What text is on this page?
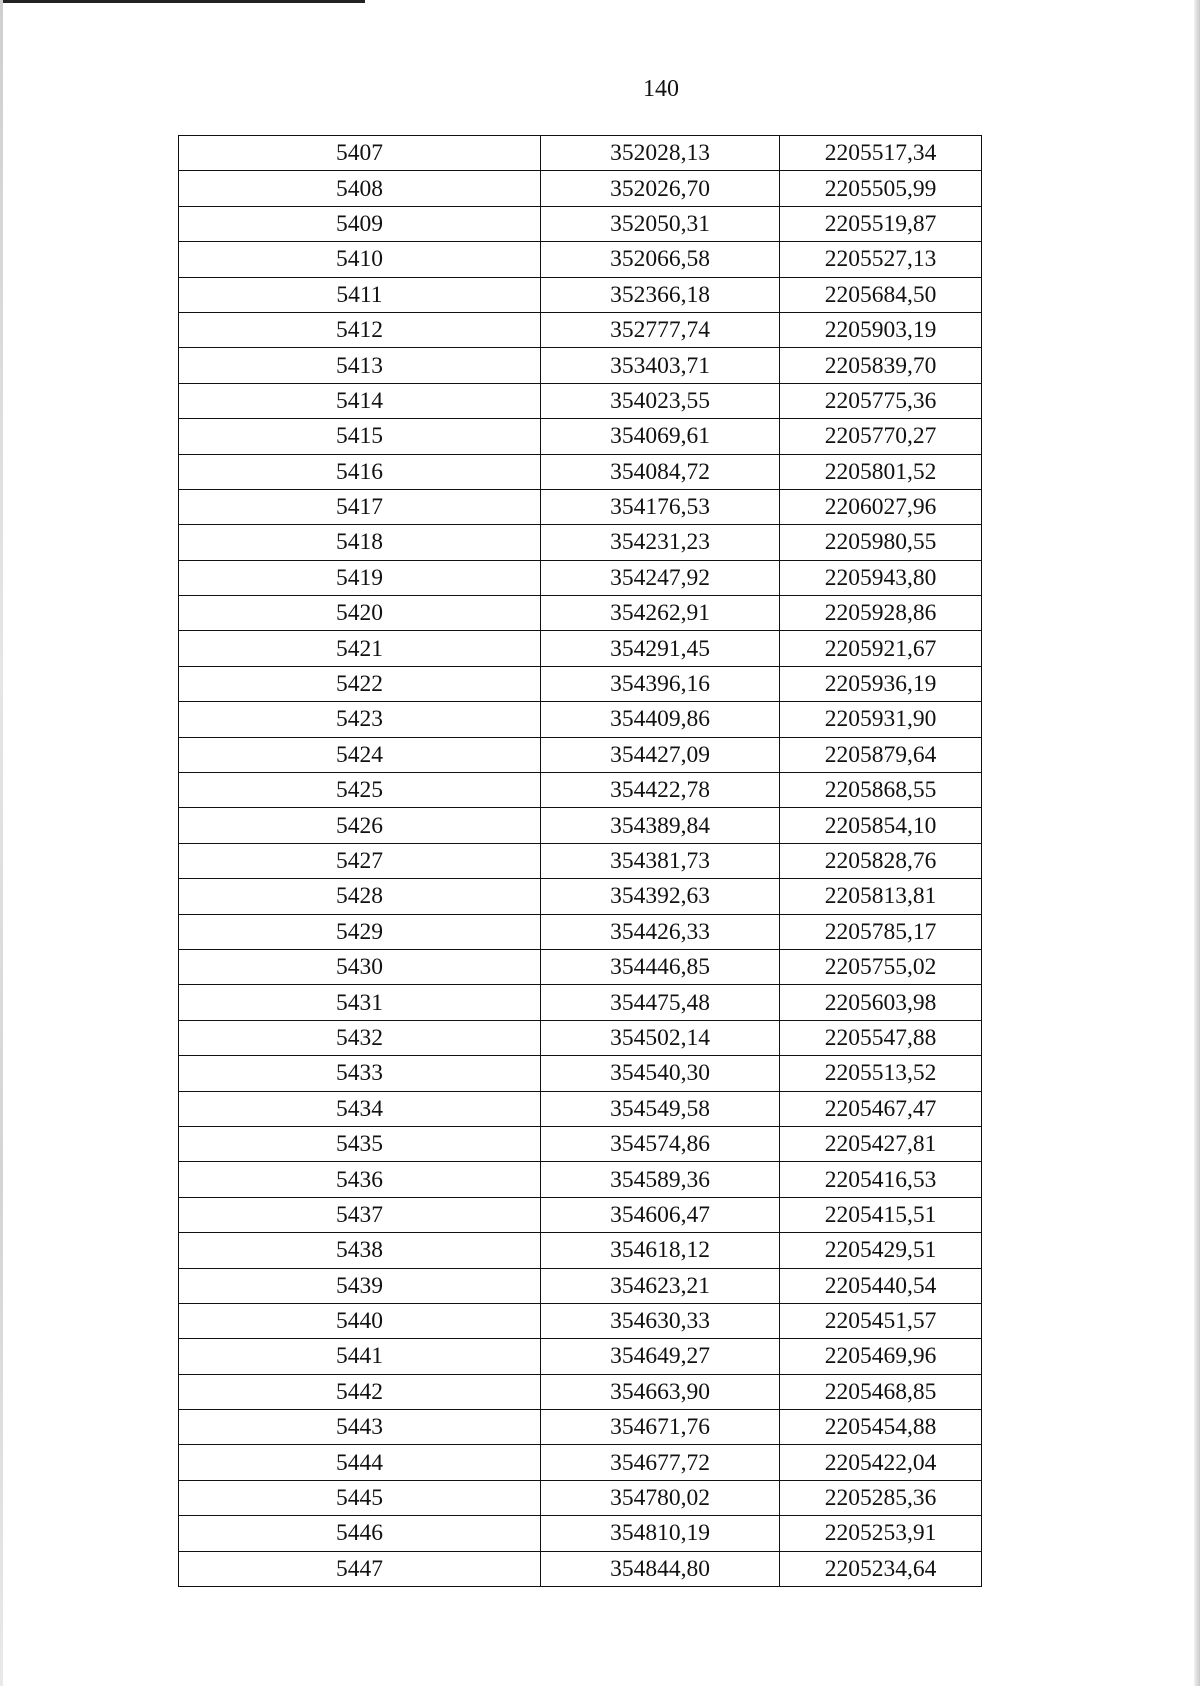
140
5407	352028,13	2205517,34
5408	352026,70	2205505,99
5409	352050,31	2205519,87
5410	352066,58	2205527,13
5411	352366,18	2205684,50
5412	352777,74	2205903,19
5413	353403,71	2205839,70
5414	354023,55	2205775,36
5415	354069,61	2205770,27
5416	354084,72	2205801,52
5417	354176,53	2206027,96
5418	354231,23	2205980,55
5419	354247,92	2205943,80
5420	354262,91	2205928,86
5421	354291,45	2205921,67
5422	354396,16	2205936,19
5423	354409,86	2205931,90
5424	354427,09	2205879,64
5425	354422,78	2205868,55
5426	354389,84	2205854,10
5427	354381,73	2205828,76
5428	354392,63	2205813,81
5429	354426,33	2205785,17
5430	354446,85	2205755,02
5431	354475,48	2205603,98
5432	354502,14	2205547,88
5433	354540,30	2205513,52
5434	354549,58	2205467,47
5435	354574,86	2205427,81
5436	354589,36	2205416,53
5437	354606,47	2205415,51
5438	354618,12	2205429,51
5439	354623,21	2205440,54
5440	354630,33	2205451,57
5441	354649,27	2205469,96
5442	354663,90	2205468,85
5443	354671,76	2205454,88
5444	354677,72	2205422,04
5445	354780,02	2205285,36
5446	354810,19	2205253,91
5447	354844,80	2205234,64
